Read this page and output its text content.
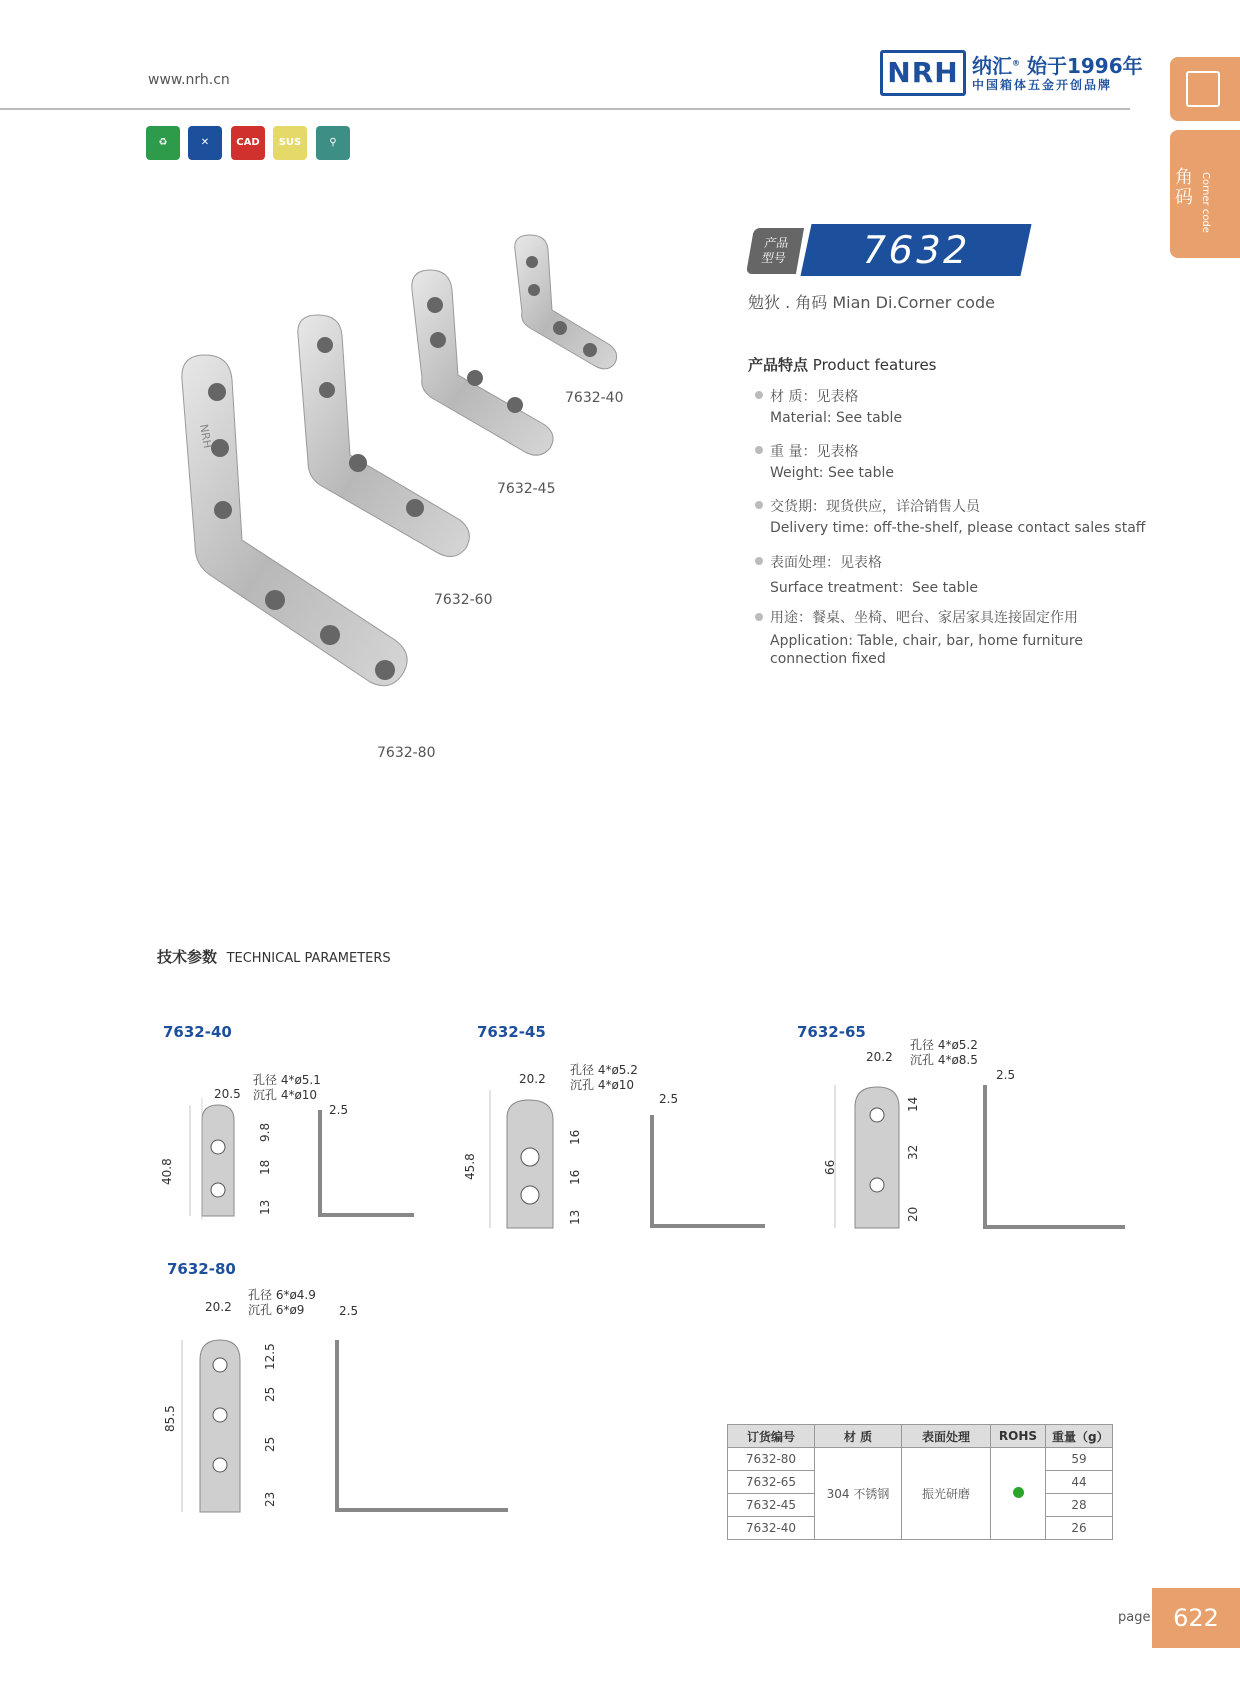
www.nrh.cn	NRH 纳汇® 始于1996年
中国箱体五金开创品牌
角码 Corner code
♻	✕	CAD	SUS	⚲
NRH
7632-40
7632-45
7632-60
7632-80
产品
型号	7632
勉狄 . 角码 Mian Di.Corner code
产品特点 Product features
材 质：见表格
Material: See table
重 量：见表格
Weight: See table
交货期：现货供应，详洽销售人员
Delivery time: off-the-shelf, please contact sales staff
表面处理：见表格
Surface treatment：See table
用途：餐桌、坐椅、吧台、家居家具连接固定作用
Application: Table, chair, bar, home furniture connection fixed
技术参数 TECHNICAL PARAMETERS
7632-40
20.5
孔径 4*ø5.1
沉孔 4*ø10
2.5
40.8
9.8
18
13
7632-45
20.2
孔径 4*ø5.2
沉孔 4*ø10
2.5
45.8
16
16
13
7632-65
20.2
孔径 4*ø5.2
沉孔 4*ø8.5
2.5
66
14
32
20
7632-80
20.2
孔径 6*ø4.9
沉孔 6*ø9	2.5
85.5
12.5
25
25
23
订货编号	材 质	表面处理	ROHS	重量（g）
7632-80	304 不锈钢	振光研磨		59
7632-65				44
7632-45				28
7632-40				26
page 622
